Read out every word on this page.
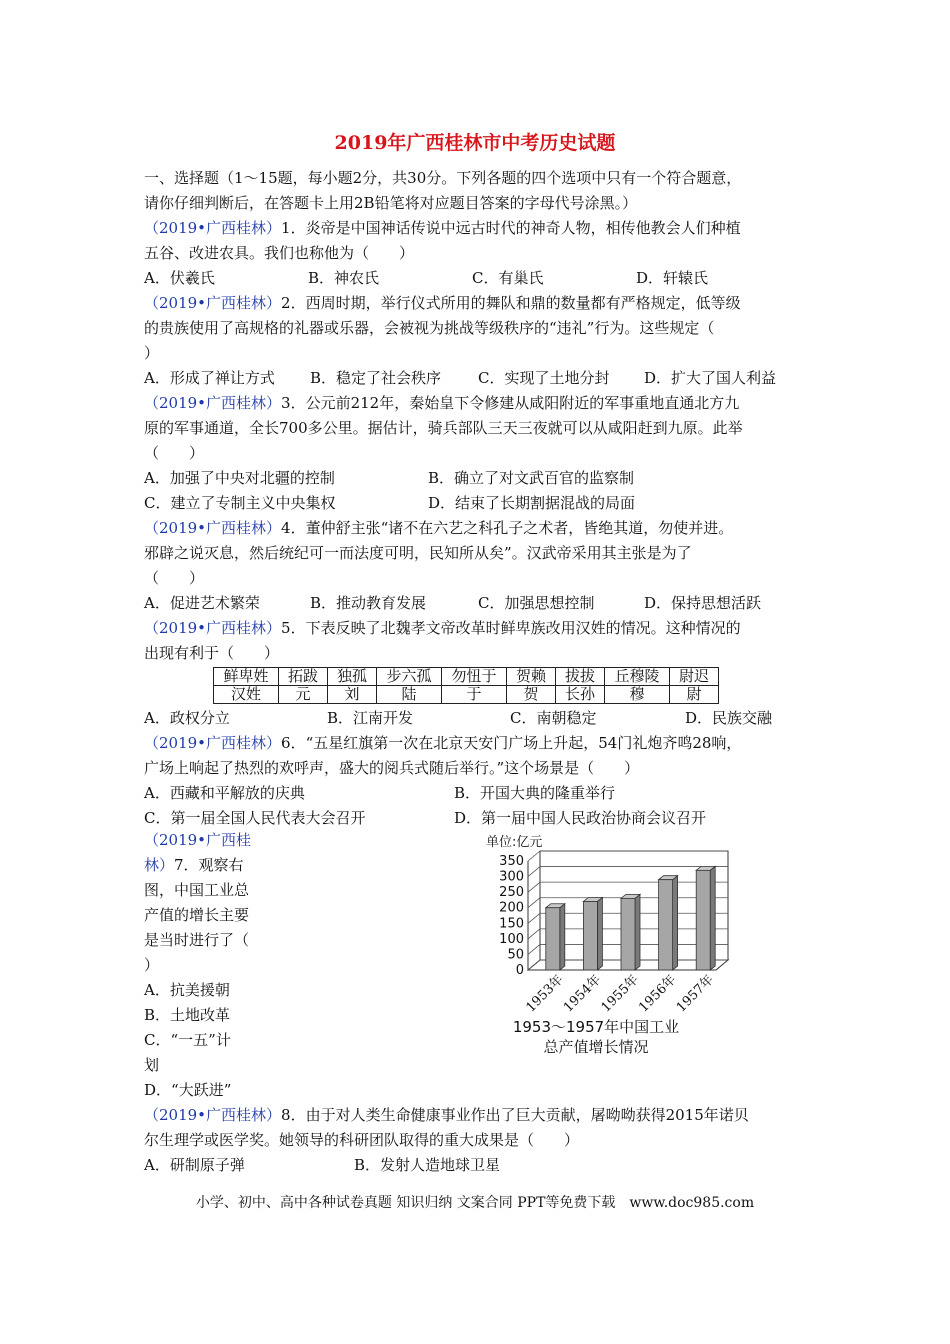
2019年广西桂林市中考历史试题
一、选择题（1～15题，每小题2分，共30分。下列各题的四个选项中只有一个符合题意，
请你仔细判断后，在答题卡上用2B铅笔将对应题目答案的字母代号涂黑。）
（2019•广西桂林）1．炎帝是中国神话传说中远古时代的神奇人物，相传他教会人们种植
五谷、改进农具。我们也称他为（　　）
A．伏羲氏	B．神农氏	C．有巢氏	D．轩辕氏
（2019•广西桂林）2．西周时期，举行仪式所用的舞队和鼎的数量都有严格规定，低等级
的贵族使用了高规格的礼器或乐器，会被视为挑战等级秩序的“违礼”行为。这些规定（
）
A．形成了禅让方式 B．稳定了社会秩序 C．实现了土地分封 D．扩大了国人利益
（2019•广西桂林）3．公元前212年，秦始皇下令修建从咸阳附近的军事重地直通北方九
原的军事通道，全长700多公里。据估计，骑兵部队三天三夜就可以从咸阳赶到九原。此举
（　　）
A．加强了中央对北疆的控制	B．确立了对文武百官的监察制
C．建立了专制主义中央集权	D．结束了长期割据混战的局面
（2019•广西桂林）4．董仲舒主张“诸不在六艺之科孔子之术者，皆绝其道，勿使并进。
邪辟之说灭息，然后统纪可一而法度可明，民知所从矣”。汉武帝采用其主张是为了
（　　）
A．促进艺术繁荣	B．推动教育发展	C．加强思想控制	D．保持思想活跃
（2019•广西桂林）5．下表反映了北魏孝文帝改革时鲜卑族改用汉姓的情况。这种情况的
出现有利于（　　）
鲜卑姓	拓跋	独孤	步六孤	勿忸于	贺赖	拔拔	丘穆陵	尉迟
汉姓	元	刘	陆	于	贺	长孙	穆	尉
A．政权分立	B．江南开发	C．南朝稳定	D．民族交融
（2019•广西桂林）6．“五星红旗第一次在北京天安门广场上升起，54门礼炮齐鸣28响，
广场上响起了热烈的欢呼声，盛大的阅兵式随后举行。”这个场景是（　　）
A．西藏和平解放的庆典	B．开国大典的隆重举行
C．第一届全国人民代表大会召开	D．第一届中国人民政治协商会议召开
（2019•广西桂
林）7．观察右
图，中国工业总
产值的增长主要
是当时进行了（
）
A．抗美援朝
B．土地改革
C．“一五”计
划
D．“大跃进”
单位:亿元
0
50
100
150
200
250
300
350
1953年
1954年
1955年
1956年
1957年
1953～1957年中国工业
总产值增长情况
（2019•广西桂林）8．由于对人类生命健康事业作出了巨大贡献，屠呦呦获得2015年诺贝
尔生理学或医学奖。她领导的科研团队取得的重大成果是（　　）
A．研制原子弹	B．发射人造地球卫星
小学、初中、高中各种试卷真题 知识归纳 文案合同 PPT等免费下载　www.doc985.com
